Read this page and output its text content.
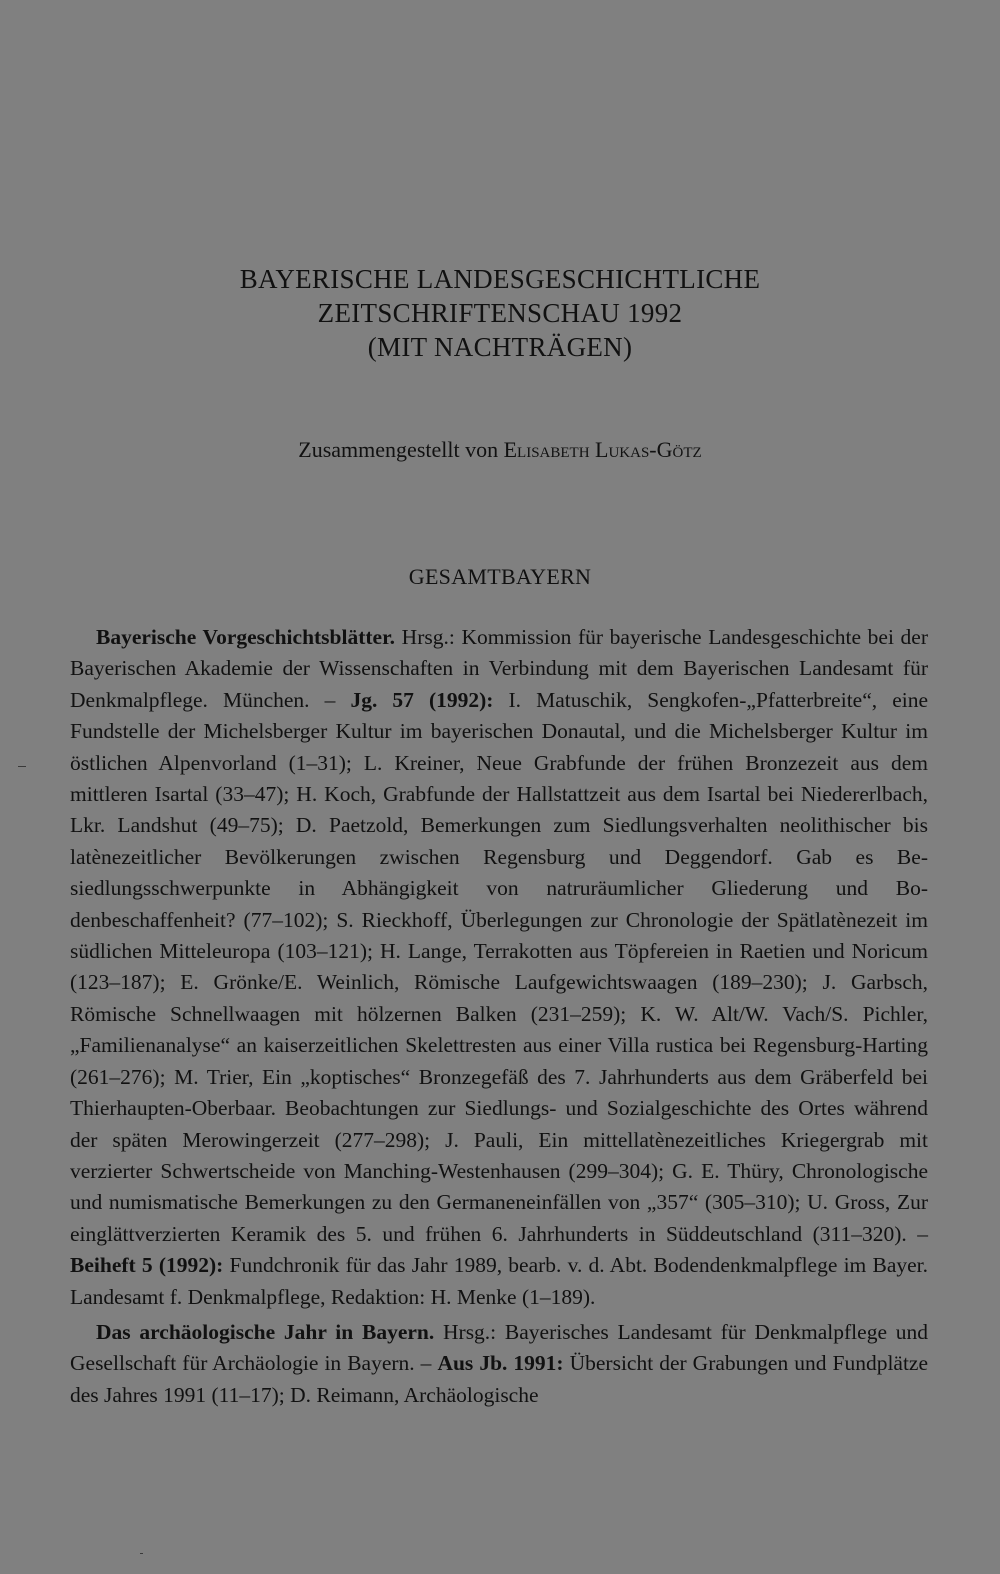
BAYERISCHE LANDESGESCHICHTLICHE
ZEITSCHRIFTENSCHAU 1992
(MIT NACHTRÄGEN)
Zusammengestellt von Elisabeth Lukas-Götz
GESAMTBAYERN

Bayerische Vorgeschichtsblätter. Hrsg.: Kommission für bayerische Landesgeschichte bei der Bayerischen Akademie der Wissenschaften in Verbindung mit dem Bayerischen Landesamt für Denkmalpflege. München. – Jg. 57 (1992): I. Matuschik, Sengkofen-„Pfatterbreite“, eine Fundstelle der Michelsberger Kultur im bayerischen Donautal, und die Michelsberger Kultur im östlichen Alpenvorland (1–31); L. Kreiner, Neue Grabfunde der frühen Bronzezeit aus dem mittleren Isartal (33–47); H. Koch, Grabfunde der Hallstattzeit aus dem Isartal bei Niedererlbach, Lkr. Landshut (49–75); D. Paetzold, Bemerkungen zum Siedlungsverhalten neolithischer bis latènezeitlicher Bevölkerungen zwischen Regensburg und Deggendorf. Gab es Besiedlungsschwerpunkte in Abhängigkeit von natruräumlicher Gliederung und Bodenbeschaffenheit? (77–102); S. Rieckhoff, Überlegungen zur Chronologie der Spätlatènezeit im südlichen Mitteleuropa (103–121); H. Lange, Terrakotten aus Töpfereien in Raetien und Noricum (123–187); E. Grönke/E. Weinlich, Römische Laufgewichtswaagen (189–230); J. Garbsch, Römische Schnellwaagen mit hölzernen Balken (231–259); K. W. Alt/W. Vach/S. Pichler, „Familienanalyse“ an kaiserzeitlichen Skelettresten aus einer Villa rustica bei Regensburg-Harting (261–276); M. Trier, Ein „koptisches“ Bronzegefäß des 7. Jahrhunderts aus dem Gräberfeld bei Thierhaupten-Oberbaar. Beobachtungen zur Siedlungs- und Sozialgeschichte des Ortes während der späten Merowingerzeit (277–298); J. Pauli, Ein mittellatènezeitliches Kriegergrab mit verzierter Schwertscheide von Manching-Westenhausen (299–304); G. E. Thüry, Chronologische und numismatische Bemerkungen zu den Germaneneinfällen von „357“ (305–310); U. Gross, Zur einglättverzierten Keramik des 5. und frühen 6. Jahrhunderts in Süddeutschland (311–320). – Beiheft 5 (1992): Fundchronik für das Jahr 1989, bearb. v. d. Abt. Bodendenkmalpflege im Bayer. Landesamt f. Denkmalpflege, Redaktion: H. Menke (1–189).

Das archäologische Jahr in Bayern. Hrsg.: Bayerisches Landesamt für Denkmalpflege und Gesellschaft für Archäologie in Bayern. – Aus Jb. 1991: Übersicht der Grabungen und Fundplätze des Jahres 1991 (11–17); D. Reimann, Archäologische
